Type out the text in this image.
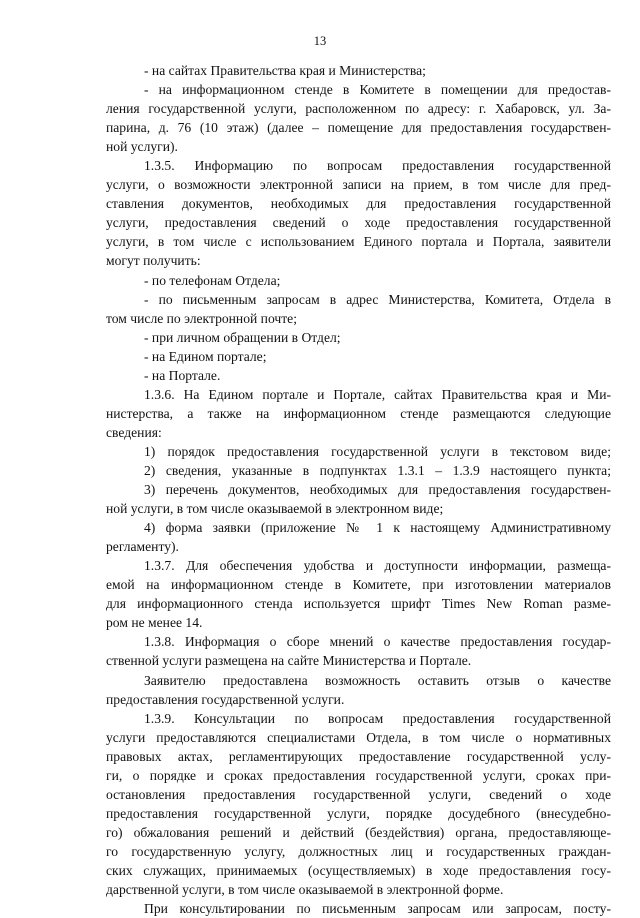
13
- на сайтах Правительства края и Министерства;
- на информационном стенде в Комитете в помещении для предостав-
ления государственной услуги, расположенном по адресу: г. Хабаровск, ул. За-
парина, д. 76 (10 этаж) (далее – помещение для предоставления государствен-
ной услуги).
1.3.5. Информацию по вопросам предоставления государственной
услуги, о возможности электронной записи на прием, в том числе для пред-
ставления документов, необходимых для предоставления государственной
услуги, предоставления сведений о ходе предоставления государственной
услуги, в том числе с использованием Единого портала и Портала, заявители
могут получить:
- по телефонам Отдела;
- по письменным запросам в адрес Министерства, Комитета, Отдела в
том числе по электронной почте;
- при личном обращении в Отдел;
- на Едином портале;
- на Портале.
1.3.6. На Едином портале и Портале, сайтах Правительства края и Ми-
нистерства, а также на информационном стенде размещаются следующие
сведения:
1) порядок предоставления государственной услуги в текстовом виде;
2) сведения, указанные в подпунктах 1.3.1 – 1.3.9 настоящего пункта;
3) перечень документов, необходимых для предоставления государствен-
ной услуги, в том числе оказываемой в электронном виде;
4) форма заявки (приложение № 1 к настоящему Административному
регламенту).
1.3.7. Для обеспечения удобства и доступности информации, размеща-
емой на информационном стенде в Комитете, при изготовлении материалов
для информационного стенда используется шрифт Times New Roman разме-
ром не менее 14.
1.3.8. Информация о сборе мнений о качестве предоставления госудaр-
ственной услуги размещена на сайте Министерства и Портале.
Заявителю предоставлена возможность оставить отзыв о качестве
предоставления государственной услуги.
1.3.9. Консультации по вопросам предоставления государственной
услуги предоставляются специалистами Отдела, в том числе о нормативных
правовых актах, регламентирующих предоставление государственной услу-
ги, о порядке и сроках предоставления государственной услуги, сроках при-
остановления предоставления государственной услуги, сведений о ходе
предоставления государственной услуги, порядке досудебного (внесудебно-
го) обжалования решений и действий (бездействия) органа, предоставляюще-
го государственную услугу, должностных лиц и государственных граждан-
ских служащих, принимаемых (осуществляемых) в ходе предоставления госу-
дарственной услуги, в том числе оказываемой в электронной форме.
При консультировании по письменным запросам или запросам, посту-
